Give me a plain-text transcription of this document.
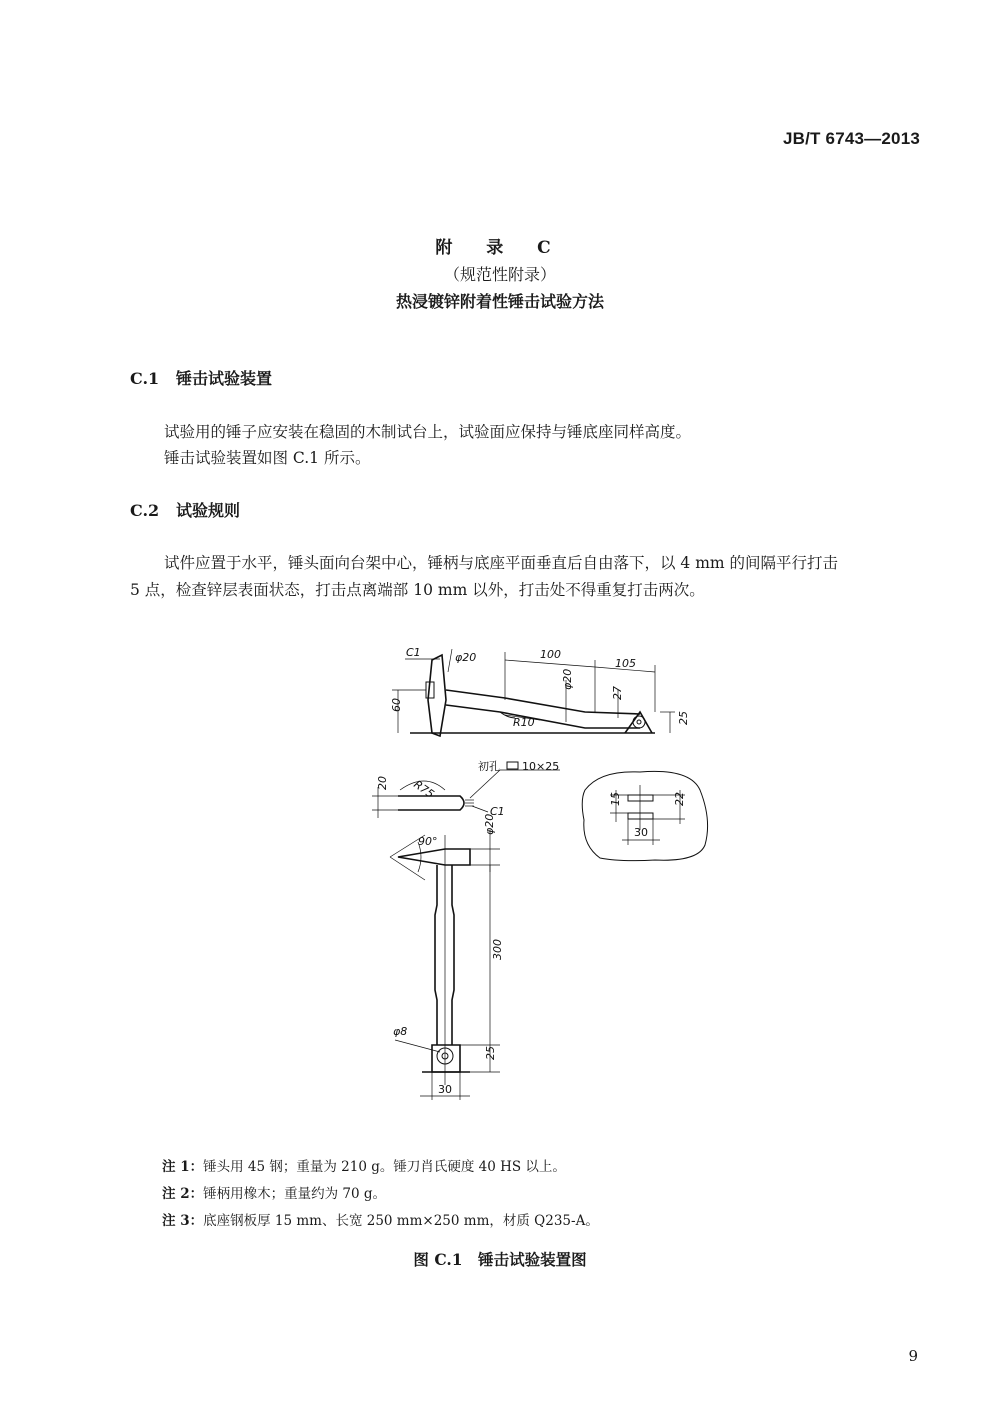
JB/T 6743—2013
附 录 C
（规范性附录）
热浸镀锌附着性锤击试验方法
C.1 锤击试验装置
试验用的锤子应安装在稳固的木制试台上，试验面应保持与锤底座同样高度。
锤击试验装置如图 C.1 所示。
C.2 试验规则
试件应置于水平，锤头面向台架中心，锤柄与底座平面垂直后自由落下，以 4 mm 的间隔平行打击
5 点，检查锌层表面状态，打击点离端部 10 mm 以外，打击处不得重复打击两次。
60
C1	φ20	100
105
φ20
27
R10	25
20 R75
C1
初孔 10×25
90°
φ8
φ20
300
25
30
15	22
30
注 1：锤头用 45 钢；重量为 210 g。锤刀肖氏硬度 40 HS 以上。
注 2：锤柄用橡木；重量约为 70 g。
注 3：底座钢板厚 15 mm、长宽 250 mm×250 mm，材质 Q235-A。
图 C.1　锤击试验装置图
9
